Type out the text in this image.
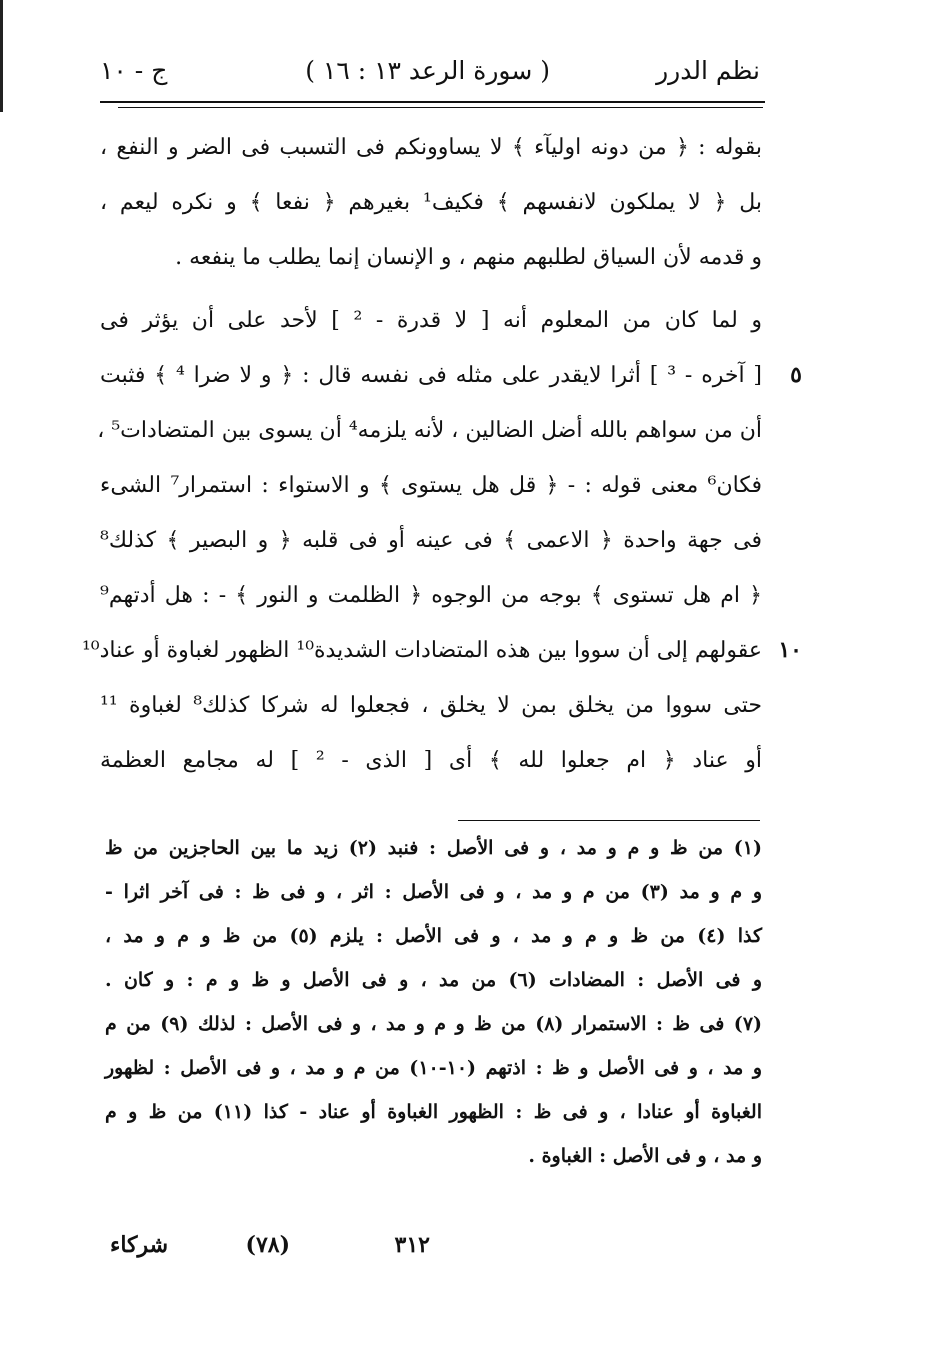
نظم الدرر
( سورة الرعد ١٣ : ١٦ )
ج - ١٠
بقوله : ﴿ من دونه اوليآء ﴾ لا يساوونكم فى التسبب فى الضر و النفع ،
بل ﴿ لا يملكون لانفسهم ﴾ فكيف¹ بغيرهم ﴿ نفعا ﴾ و نكره ليعم ،
و قدمه لأن السياق لطلبهم منهم ، و الإنسان إنما يطلب ما ينفعه .
و لما كان من المعلوم أنه [ لا قدرة - ² ] لأحد على أن يؤثر فى
٥
[ آخره - ³ ] أثرا لايقدر على مثله فى نفسه قال : ﴿ و لا ضرا ⁴ ﴾ فثبت
أن من سواهم بالله أضل الضالين ، لأنه يلزمه⁴ أن يسوى بين المتضادات⁵ ،
فكان⁶ معنى قوله : - ﴿ قل هل يستوى ﴾ و الاستواء : استمرار⁷ الشىء
فى جهة واحدة ﴿ الاعمى ﴾ فى عينه أو فى قلبه ﴿ و البصير ﴾ كذلك⁸
﴿ ام هل تستوى ﴾ بوجه من الوجوه ﴿ الظلمت و النور ﴾ - : هل أدتهم⁹
١٠
عقولهم إلى أن سووا بين هذه المتضادات الشديدة¹⁰ الظهور لغباوة أو عناد¹⁰
حتى سووا من يخلق بمن لا يخلق ، فجعلوا له شركا كذلك⁸ لغباوة ¹¹
أو عناد ﴿ ام جعلوا لله ﴾ أى [ الذى - ² ] له مجامع العظمة
(١) من ظ و م و مد ، و فى الأصل : فنبد (٢) زيد ما بين الحاجزين من ظ
و م و مد (٣) من م و مد ، و فى الأصل : اثر ، و فى ظ : فى آخر اثرا -
كذا (٤) من ظ و م و مد ، و فى الأصل : يلزم (٥) من ظ و م و مد ،
و فى الأصل : المضادات (٦) من مد ، و فى الأصل و ظ و م : و كان .
(٧) فى ظ : الاستمرار (٨) من ظ و م و مد ، و فى الأصل : لذلك (٩) من م
و مد ، و فى الأصل و ظ : اذتهم (١٠-١٠) من م و مد ، و فى الأصل : لظهور
الغباوة أو عنادا ، و فى ظ : الظهور الغباوة أو عناد - كذا (١١) من ظ و م
و مد ، و فى الأصل : الغباوة .
٣١٢
(٧٨)
شركاء
